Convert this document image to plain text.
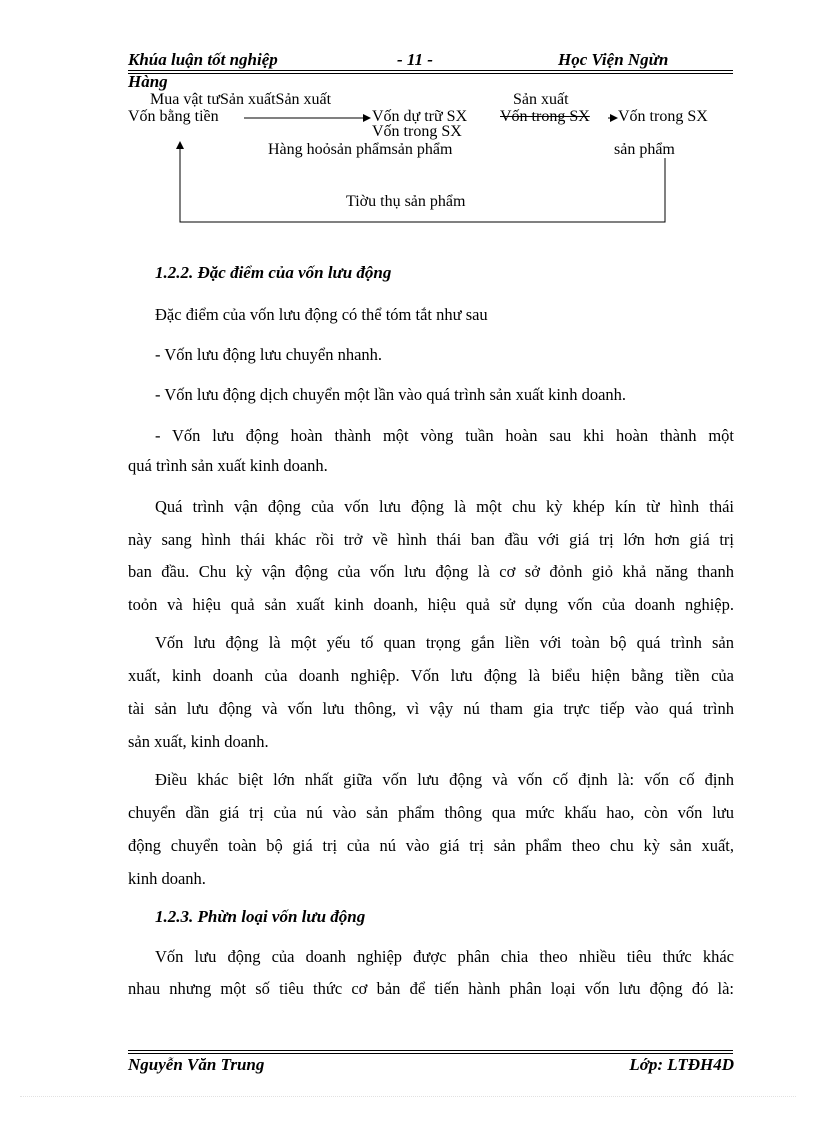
Khúa luận tốt nghiệp	- 11 -	Học Viện Ngừn
Hàng
Mua vật tưSản xuấtSản xuất	Sản xuất
Vốn bằng tiền	Vốn dự trữ SX Vốn trong SX Vốn trong SX
Vốn trong SX
Hàng hoỏsản phẩmsản phẩm	sản phẩm
Tiờu thụ sản phẩm
1.2.2. Đặc điểm của vốn lưu động
Đặc điểm của vốn lưu động có thể tóm tắt như sau
- Vốn lưu động lưu chuyển nhanh.
- Vốn lưu động dịch chuyển một lần vào quá trình sản xuất kinh doanh.
- Vốn lưu động hoàn thành một vòng tuần hoàn sau khi hoàn thành một
quá trình sản xuất kinh doanh.
Quá trình vận động của vốn lưu động là một chu kỳ khép kín từ hình thái
này sang hình thái khác rồi trở về hình thái ban đầu với giá trị lớn hơn giá trị
ban đầu. Chu kỳ vận động của vốn lưu động là cơ sở đỏnh giỏ khả năng thanh
toỏn và hiệu quả sản xuất kinh doanh, hiệu quả sử dụng vốn của doanh nghiệp.
Vốn lưu động là một yếu tố quan trọng gắn liền với toàn bộ quá trình sản
xuất, kinh doanh của doanh nghiệp. Vốn lưu động là biểu hiện bằng tiền của
tài sản lưu động và vốn lưu thông, vì vậy nú tham gia trực tiếp vào quá trình
sản xuất, kinh doanh.
Điều khác biệt lớn nhất giữa vốn lưu động và vốn cố định là: vốn cố định
chuyển dần giá trị của nú vào sản phẩm thông qua mức khấu hao, còn vốn lưu
động chuyển toàn bộ giá trị của nú vào giá trị sản phẩm theo chu kỳ sản xuất,
kinh doanh.
1.2.3. Phừn loại vốn lưu động
Vốn lưu động của doanh nghiệp được phân chia theo nhiều tiêu thức khác
nhau nhưng một số tiêu thức cơ bản để tiến hành phân loại vốn lưu động đó là:
Nguyễn Văn Trung	Lớp: LTĐH4D
